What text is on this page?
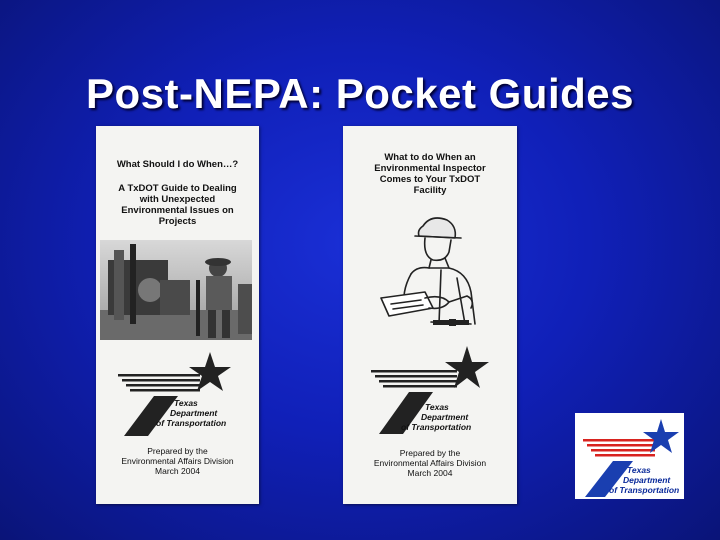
Post-NEPA: Pocket Guides
What Should I do When…?
A TxDOT Guide to Dealing
with Unexpected
Environmental Issues on
Projects
Texas
Department
of Transportation
Prepared by the
Environmental Affairs Division
March 2004
What to do When an
Environmental Inspector
Comes to Your TxDOT
Facility
Texas
Department
of Transportation
Prepared by the
Environmental Affairs Division
March 2004	Texas
Department
of Transportation
